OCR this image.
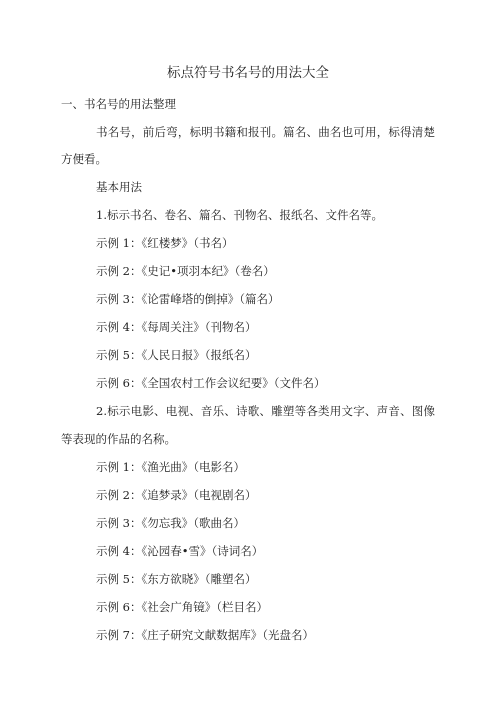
标点符号书名号的用法大全
一、书名号的用法整理
书名号，前后弯，标明书籍和报刊。篇名、曲名也可用，标得清楚
方便看。
基本用法
1.标示书名、卷名、篇名、刊物名、报纸名、文件名等。
示例 1：《红楼梦》（书名）
示例 2：《史记•项羽本纪》（卷名）
示例 3：《论雷峰塔的倒掉》（篇名）
示例 4：《每周关注》（刊物名）
示例 5：《人民日报》（报纸名）
示例 6：《全国农村工作会议纪要》（文件名）
2.标示电影、电视、音乐、诗歌、雕塑等各类用文字、声音、图像
等表现的作品的名称。
示例 1：《渔光曲》（电影名）
示例 2：《追梦录》（电视剧名）
示例 3：《勿忘我》（歌曲名）
示例 4：《沁园春•雪》（诗词名）
示例 5：《东方欲晓》（雕塑名）
示例 6：《社会广角镜》（栏目名）
示例 7：《庄子研究文献数据库》（光盘名）
